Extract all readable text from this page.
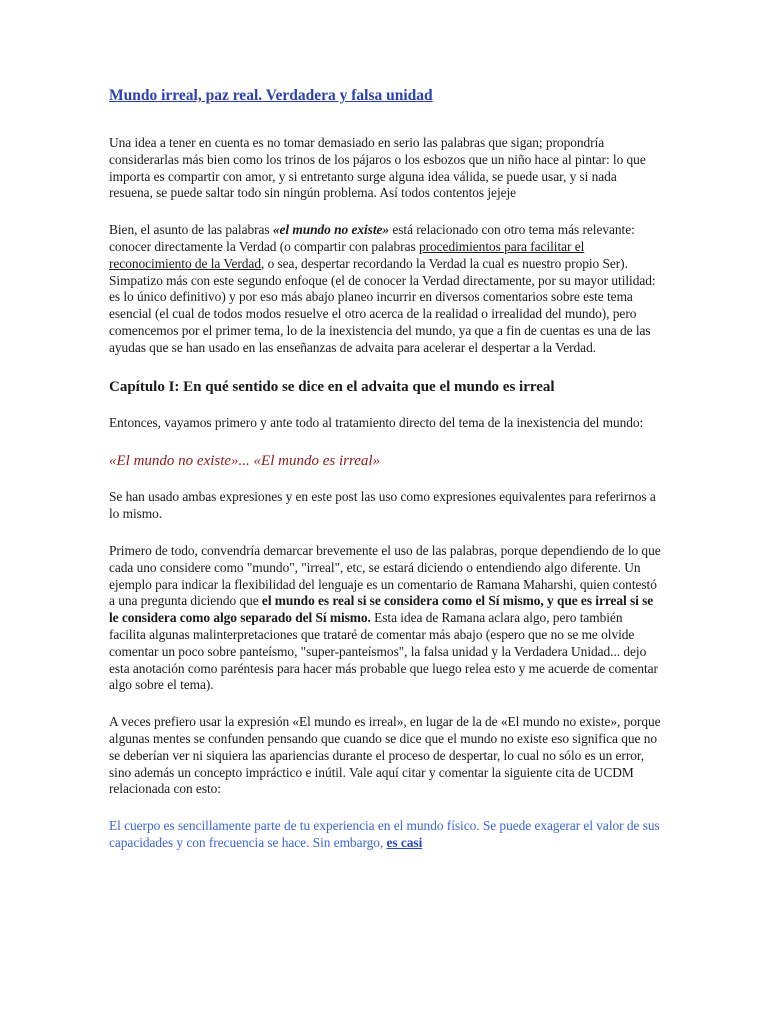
Mundo irreal, paz real. Verdadera y falsa unidad

Una idea a tener en cuenta es no tomar demasiado en serio las palabras que sigan; propondría considerarlas más bien como los trinos de los pájaros o los esbozos que un niño hace al pintar: lo que importa es compartir con amor, y si entretanto surge alguna idea válida, se puede usar, y si nada resuena, se puede saltar todo sin ningún problema. Así todos contentos jejeje

Bien, el asunto de las palabras «el mundo no existe» está relacionado con otro tema más relevante: conocer directamente la Verdad (o compartir con palabras procedimientos para facilitar el reconocimiento de la Verdad, o sea, despertar recordando la Verdad la cual es nuestro propio Ser). Simpatizo más con este segundo enfoque (el de conocer la Verdad directamente, por su mayor utilidad: es lo único definitivo) y por eso más abajo planeo incurrir en diversos comentarios sobre este tema esencial (el cual de todos modos resuelve el otro acerca de la realidad o irrealidad del mundo), pero comencemos por el primer tema, lo de la inexistencia del mundo, ya que a fin de cuentas es una de las ayudas que se han usado en las enseñanzas de advaita para acelerar el despertar a la Verdad.

Capítulo I: En qué sentido se dice en el advaita que el mundo es irreal

Entonces, vayamos primero y ante todo al tratamiento directo del tema de la inexistencia del mundo:

«El mundo no existe»... «El mundo es irreal»

Se han usado ambas expresiones y en este post las uso como expresiones equivalentes para referirnos a lo mismo.

Primero de todo, convendría demarcar brevemente el uso de las palabras, porque dependiendo de lo que cada uno considere como "mundo", "irreal", etc, se estará diciendo o entendiendo algo diferente. Un ejemplo para indicar la flexibilidad del lenguaje es un comentario de Ramana Maharshi, quien contestó a una pregunta diciendo que el mundo es real si se considera como el Sí mismo, y que es irreal si se le considera como algo separado del Sí mismo. Esta idea de Ramana aclara algo, pero también facilita algunas malinterpretaciones que trataré de comentar más abajo (espero que no se me olvide comentar un poco sobre panteísmo, "super-panteísmos", la falsa unidad y la Verdadera Unidad... dejo esta anotación como paréntesis para hacer más probable que luego relea esto y me acuerde de comentar algo sobre el tema).

A veces prefiero usar la expresión «El mundo es irreal», en lugar de la de «El mundo no existe», porque algunas mentes se confunden pensando que cuando se dice que el mundo no existe eso significa que no se deberían ver ni siquiera las apariencias durante el proceso de despertar, lo cual no sólo es un error, sino además un concepto impráctico e inútil. Vale aquí citar y comentar la siguiente cita de UCDM relacionada con esto:

El cuerpo es sencillamente parte de tu experiencia en el mundo físico. Se puede exagerar el valor de sus capacidades y con frecuencia se hace. Sin embargo, es casi
